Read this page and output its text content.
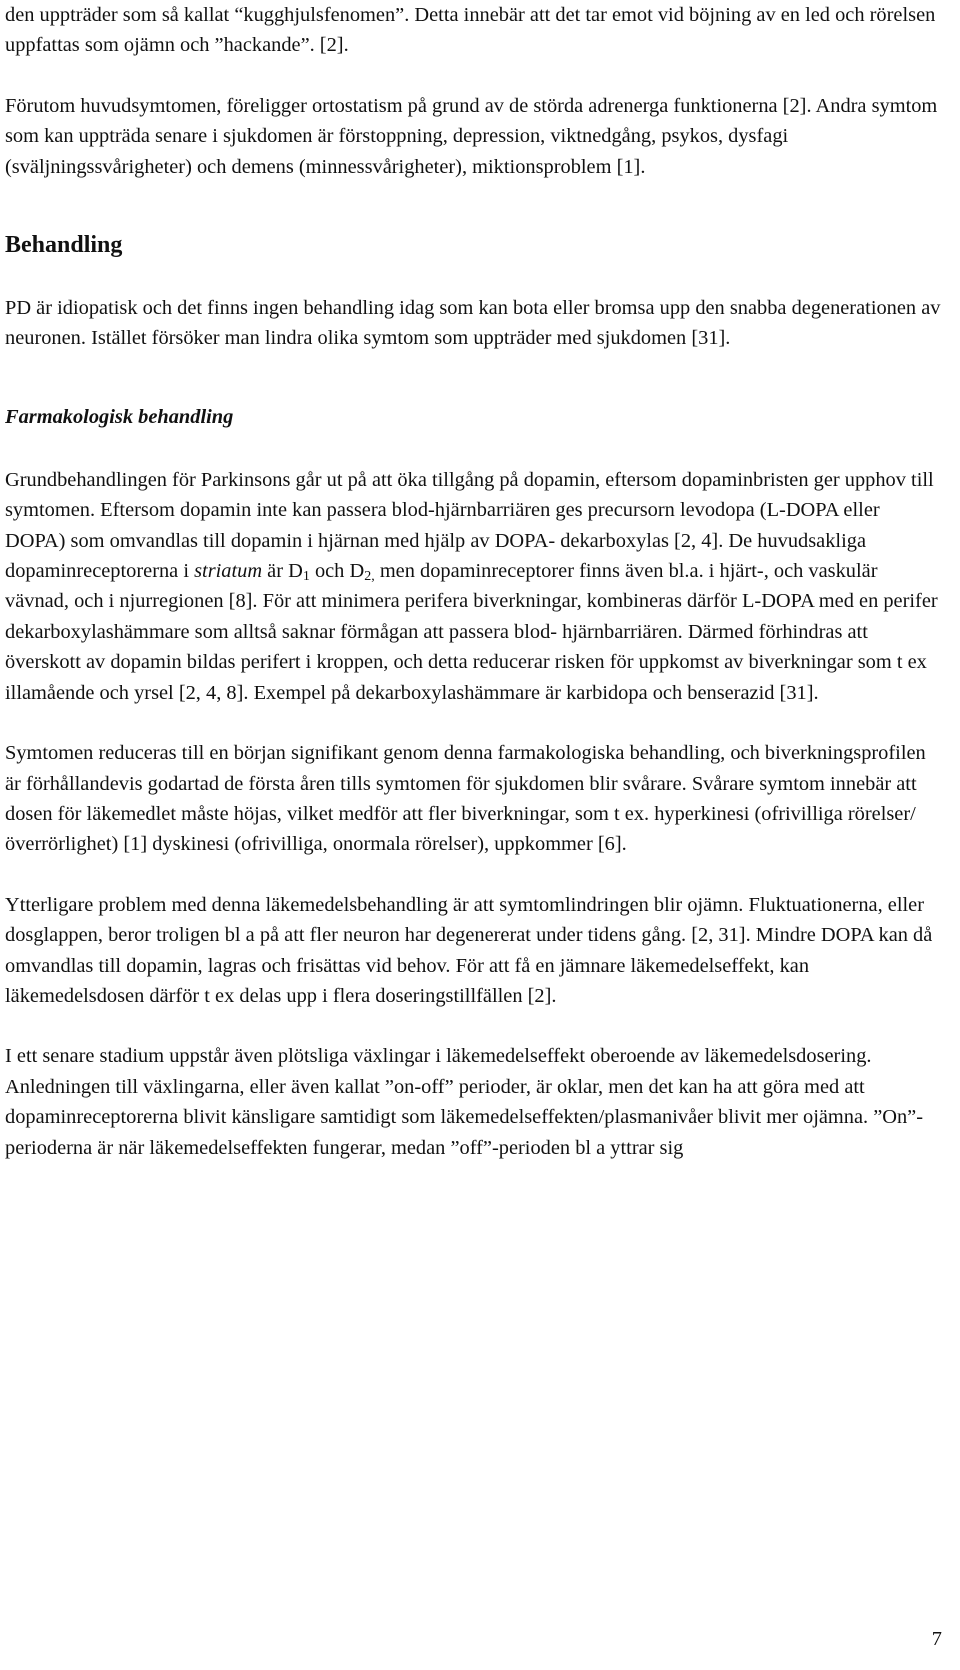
den uppträder som så kallat “kugghjulsfenomen”. Detta innebär att det tar emot vid böjning av en led och rörelsen uppfattas som ojämn och ”hackande”. [2].

Förutom huvudsymtomen, föreligger ortostatism på grund av de störda adrenerga funktionerna [2]. Andra symtom som kan uppträda senare i sjukdomen är förstoppning, depression, viktnedgång, psykos, dysfagi (sväljningssvårigheter) och demens (minnessvårigheter), miktionsproblem [1].

Behandling

PD är idiopatisk och det finns ingen behandling idag som kan bota eller bromsa upp den snabba degenerationen av neuronen. Istället försöker man lindra olika symtom som uppträder med sjukdomen [31].

Farmakologisk behandling

Grundbehandlingen för Parkinsons går ut på att öka tillgång på dopamin, eftersom dopaminbristen ger upphov till symtomen. Eftersom dopamin inte kan passera blod-hjärnbarriären ges precursorn levodopa (L-DOPA eller DOPA) som omvandlas till dopamin i hjärnan med hjälp av DOPA- dekarboxylas [2, 4]. De huvudsakliga dopaminreceptorerna i striatum är $D_1$ och $D_{2,}$ men dopaminreceptorer finns även bl.a. i hjärt-, och vaskulär vävnad, och i njurregionen [8]. För att minimera perifera biverkningar, kombineras därför L-DOPA med en perifer dekarboxylashämmare som alltså saknar förmågan att passera blod- hjärnbarriären. Därmed förhindras att överskott av dopamin bildas perifert i kroppen, och detta reducerar risken för uppkomst av biverkningar som t ex illamående och yrsel [2, 4, 8]. Exempel på dekarboxylashämmare är karbidopa och benserazid [31].

Symtomen reduceras till en början signifikant genom denna farmakologiska behandling, och biverkningsprofilen är förhållandevis godartad de första åren tills symtomen för sjukdomen blir svårare. Svårare symtom innebär att dosen för läkemedlet måste höjas, vilket medför att fler biverkningar, som t ex. hyperkinesi (ofrivilliga rörelser/överrörlighet) [1] dyskinesi (ofrivilliga, onormala rörelser), uppkommer [6].

Ytterligare problem med denna läkemedelsbehandling är att symtomlindringen blir ojämn. Fluktuationerna, eller dosglappen, beror troligen bl a på att fler neuron har degenererat under tidens gång. [2, 31]. Mindre DOPA kan då omvandlas till dopamin, lagras och frisättas vid behov. För att få en jämnare läkemedelseffekt, kan läkemedelsdosen därför t ex delas upp i flera doseringstillfällen [2].

I ett senare stadium uppstår även plötsliga växlingar i läkemedelseffekt oberoende av läkemedelsdosering. Anledningen till växlingarna, eller även kallat ”on-off” perioder, är oklar, men det kan ha att göra med att dopaminreceptorerna blivit känsligare samtidigt som läkemedelseffekten/plasmanivåer blivit mer ojämna. ”On”-perioderna är när läkemedelseffekten fungerar, medan ”off”-perioden bl a yttrar sig

7
